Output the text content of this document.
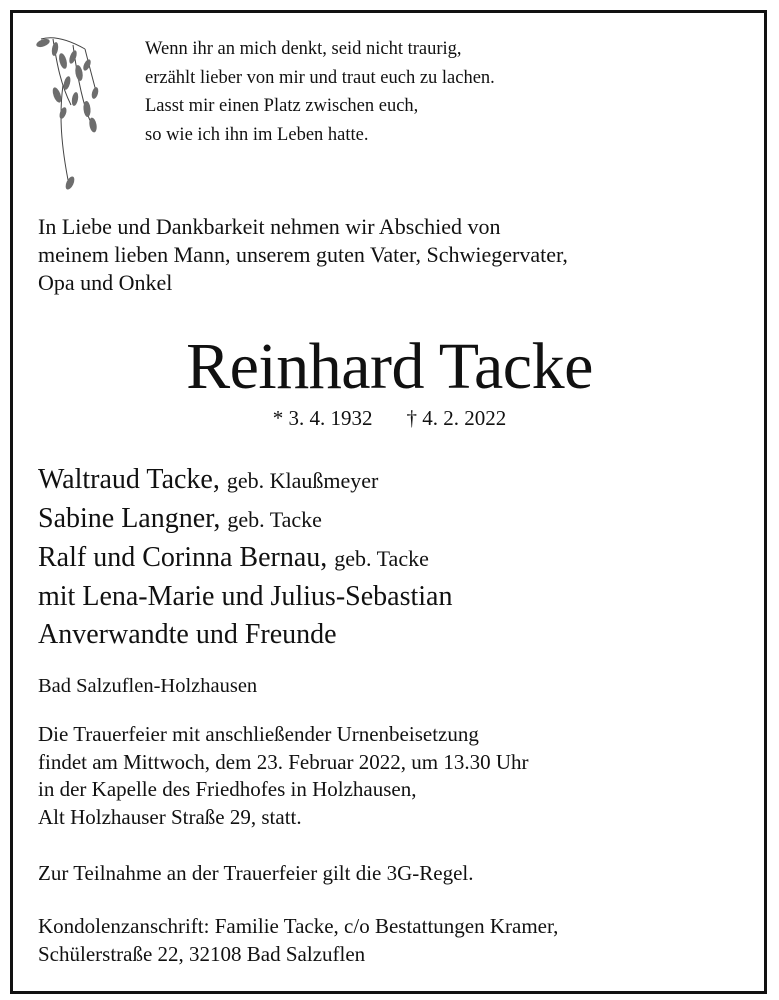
Wenn ihr an mich denkt, seid nicht traurig,
erzählt lieber von mir und traut euch zu lachen.
Lasst mir einen Platz zwischen euch,
so wie ich ihn im Leben hatte.
In Liebe und Dankbarkeit nehmen wir Abschied von
meinem lieben Mann, unserem guten Vater, Schwiegervater,
Opa und Onkel
Reinhard Tacke
* 3. 4. 1932 † 4. 2. 2022
Waltraud Tacke, geb. Klaußmeyer
Sabine Langner, geb. Tacke
Ralf und Corinna Bernau, geb. Tacke
mit Lena-Marie und Julius-Sebastian
Anverwandte und Freunde
Bad Salzuflen-Holzhausen
Die Trauerfeier mit anschließender Urnenbeisetzung
findet am Mittwoch, dem 23. Februar 2022, um 13.30 Uhr
in der Kapelle des Friedhofes in Holzhausen,
Alt Holzhauser Straße 29, statt.
Zur Teilnahme an der Trauerfeier gilt die 3G-Regel.
Kondolenzanschrift: Familie Tacke, c/o Bestattungen Kramer,
Schülerstraße 22, 32108 Bad Salzuflen
